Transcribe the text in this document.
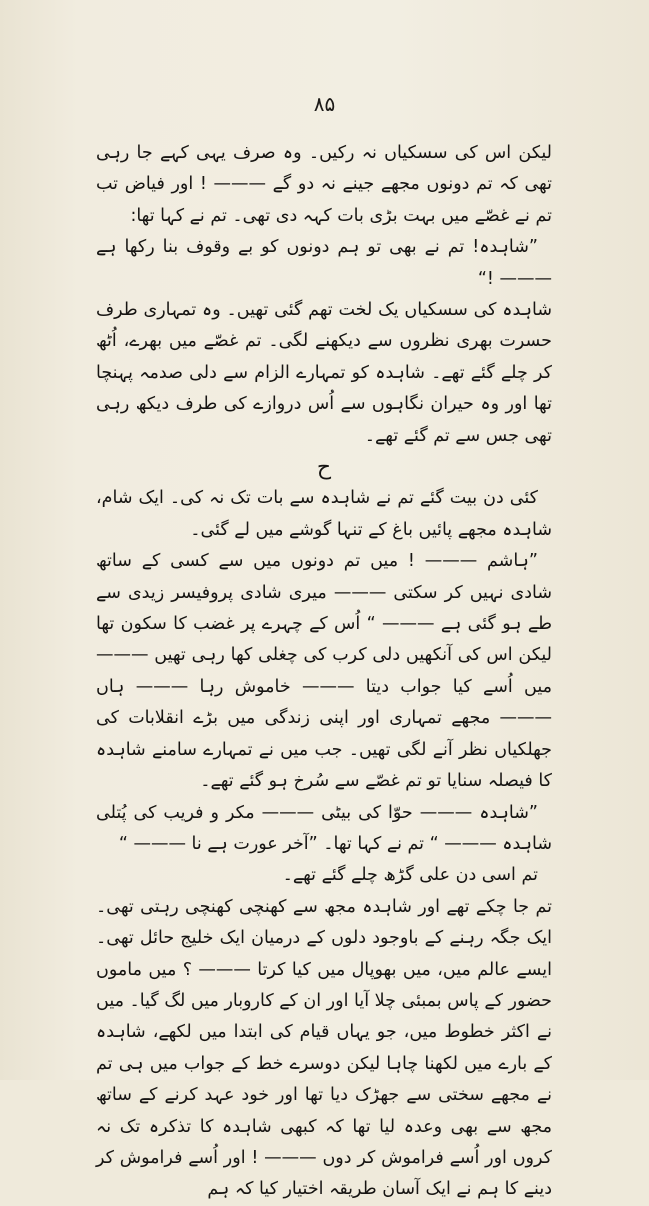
۸۵

لیکن اس کی سسکیاں نہ رکیں۔ وہ صرف یہی کہے جا رہی تھی کہ تم دونوں مجھے جینے نہ دو گے ——— ! اور فیاض تب تم نے غصّے میں بہت بڑی بات کہہ دی تھی۔ تم نے کہا تھا:

”شاہدہ! تم نے بھی تو ہم دونوں کو بے وقوف بنا رکھا ہے ——— !“

شاہدہ کی سسکیاں یک لخت تھم گئی تھیں۔ وہ تمہاری طرف حسرت بھری نظروں سے دیکھنے لگی۔ تم غصّے میں بھرے، اُٹھ کر چلے گئے تھے۔ شاہدہ کو تمہارے الزام سے دلی صدمہ پہنچا تھا اور وہ حیران نگاہوں سے اُس دروازے کی طرف دیکھ رہی تھی جس سے تم گئے تھے۔

ح

کئی دن بیت گئے تم نے شاہدہ سے بات تک نہ کی۔ ایک شام، شاہدہ مجھے پائیں باغ کے تنہا گوشے میں لے گئی۔

”ہاشم ——— ! میں تم دونوں میں سے کسی کے ساتھ شادی نہیں کر سکتی ——— میری شادی پروفیسر زیدی سے طے ہو گئی ہے ——— “ اُس کے چہرے پر غضب کا سکون تھا لیکن اس کی آنکھیں دلی کرب کی چغلی کھا رہی تھیں ——— میں اُسے کیا جواب دیتا ——— خاموش رہا ——— ہاں ——— مجھے تمہاری اور اپنی زندگی میں بڑے انقلابات کی جھلکیاں نظر آنے لگی تھیں۔ جب میں نے تمہارے سامنے شاہدہ کا فیصلہ سنایا تو تم غصّے سے سُرخ ہو گئے تھے۔

”شاہدہ ——— حوّا کی بیٹی ——— مکر و فریب کی پُتلی شاہدہ ——— “ تم نے کہا تھا۔ ”آخر عورت ہے نا ——— “

تم اسی دن علی گڑھ چلے گئے تھے۔

تم جا چکے تھے اور شاہدہ مجھ سے کھنچی کھنچی رہتی تھی۔ ایک جگہ رہنے کے باوجود دلوں کے درمیان ایک خلیج حائل تھی۔ ایسے عالم میں، میں بھوپال میں کیا کرتا ——— ؟ میں ماموں حضور کے پاس بمبئی چلا آیا اور ان کے کاروبار میں لگ گیا۔ میں نے اکثر خطوط میں، جو یہاں قیام کی ابتدا میں لکھے، شاہدہ کے بارے میں لکھنا چاہا لیکن دوسرے خط کے جواب میں ہی تم نے مجھے سختی سے جھڑک دیا تھا اور خود عہد کرنے کے ساتھ مجھ سے بھی وعدہ لیا تھا کہ کبھی شاہدہ کا تذکرہ تک نہ کروں اور اُسے فراموش کر دوں ——— ! اور اُسے فراموش کر دینے کا ہم نے ایک آسان طریقہ اختیار کیا کہ ہم
